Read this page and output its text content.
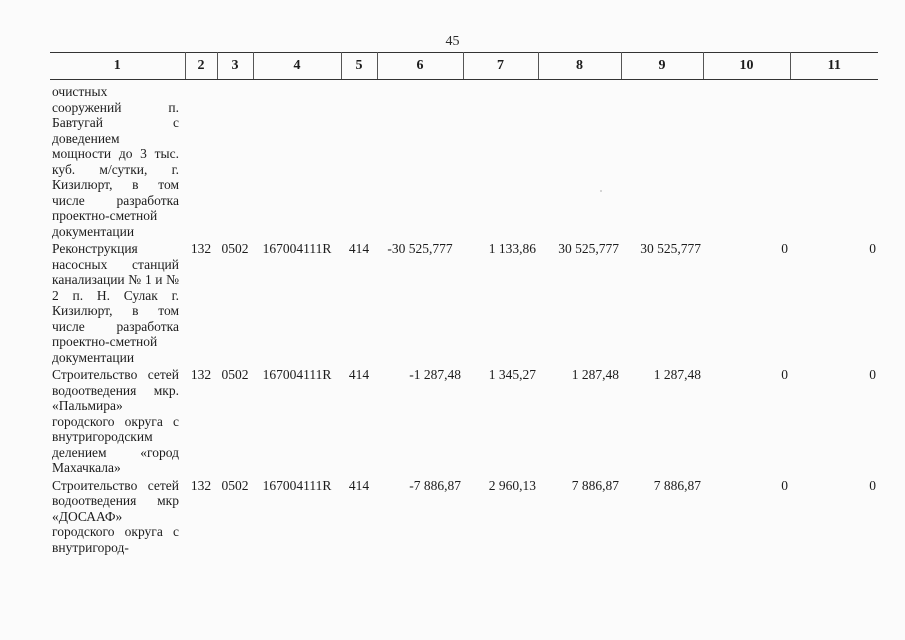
45
1	2	3	4	5	6	7	8	9	10	11
очистных сооружений п. Бавтугай с доведением мощности до 3 тыс. куб. м/сутки, г. Кизилюрт, в том числе разработка проектно-сметной документации										
Реконструкция насосных станций канализации № 1 и № 2 п. Н. Сулак г. Кизилюрт, в том числе разработка проектно-сметной документации	132	0502	167004111R	414	-30 525,777	1 133,86	30 525,777	30 525,777	0	0
Строительство сетей водоотведения мкр. «Пальмира» городского округа с внутригородским делением «город Махачкала»	132	0502	167004111R	414	-1 287,48	1 345,27	1 287,48	1 287,48	0	0
Строительство сетей водоотведения мкр «ДОСААФ» городского округа с внутригород-	132	0502	167004111R	414	-7 886,87	2 960,13	7 886,87	7 886,87	0	0
